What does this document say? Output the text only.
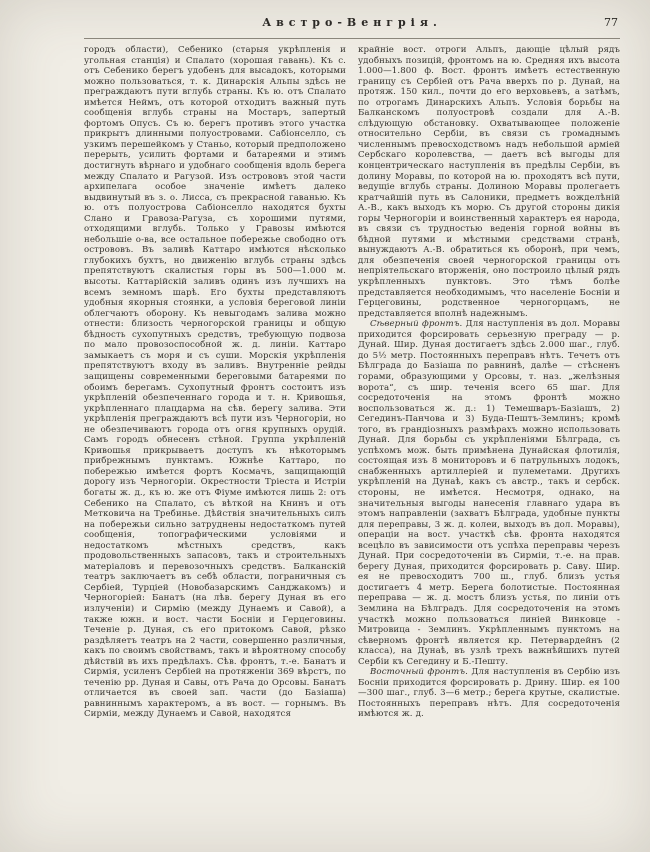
Австро-Венгрія.	77

городъ области), Себенико (старыя укрѣпленія и угольная станція) и Спалато (хорошая гавань). Къ с. отъ Себенико берегъ удобенъ для высадокъ, которыми можно пользоваться, т. к. Динарскія Альпы здѣсь не преграждаютъ пути вглубь страны. Къ ю. отъ Спалато имѣется Неймъ, отъ которой отходитъ важный путь сообщенія вглубь страны на Мостаръ, запертый фортомъ Опусъ. Съ ю. берегъ противъ этого участка прикрытъ длинными полуостровами. Сабіонселло, съ узкимъ перешейкомъ у Станьо, который предположено перерыть, усилить фортами и батареями и этимъ достигнуть вѣрнаго и удобнаго сообщенія вдоль берега между Спалато и Рагузой. Изъ острововъ этой части архипелага особое значеніе имѣетъ далеко выдвинутый въ з. о. Лисса, съ прекрасной гаванью. Къ ю. отъ полуострова Сабіонселло находятся бухты Слано и Гравоза-Рагуза, съ хорошими путями, отходящими вглубь. Только у Гравозы имѣются небольшіе о-ва, все остальное побережье свободно отъ острововъ. Въ заливѣ Каттаро имѣются нѣсколько глубокихъ бухтъ, но движенію вглубь страны здѣсь препятствуютъ скалистыя горы въ 500—1.000 м. высоты. Каттарійскій заливъ одинъ изъ лучшихъ на всемъ земномъ шарѣ. Его бухты представляютъ удобныя якорныя стоянки, а условія береговой линіи облегчаютъ оборону. Къ невыгодамъ залива можно отнести: близость черногорской границы и общую бѣдность сухопутныхъ средствъ, требующую подвоза по мало провозоспособной ж. д. линіи. Каттаро замыкаетъ съ моря и съ суши. Морскія укрѣпленія препятствуютъ входу въ заливъ. Внутренніе рейды защищены современными береговыми батареями по обоимъ берегамъ. Сухопутный фронтъ состоитъ изъ укрѣпленій обезпеченнаго города и т. н. Кривошья, укрѣпленнаго плацдарма на сѣв. берегу залива. Эти укрѣпленія преграждаютъ всѣ пути изъ Черногоріи, но не обезпечиваютъ города отъ огня крупныхъ орудій. Самъ городъ обнесенъ стѣной. Группа укрѣпленій Кривошья прикрываетъ доступъ къ нѣкоторымъ прибрежнымъ пунктамъ. Южнѣе Каттаро, по побережью имѣется фортъ Космачъ, защищающій дорогу изъ Черногоріи. Окрестности Тріеста и Истріи богаты ж. д., къ ю. же отъ Фіуме имѣются лишь 2: отъ Себенико на Спалато, съ вѣткой на Книнъ и отъ Метковича на Требинье. Дѣйствія значительныхъ силъ на побережьи сильно затруднены недостаткомъ путей сообщенія, топографическими условіями и недостаткомъ мѣстныхъ средствъ, какъ продовольственныхъ запасовъ, такъ и строительныхъ матеріаловъ и перевозочныхъ средствъ. Балканскій театръ заключаетъ въ себѣ области, пограничныя съ Сербіей, Турціей (Новобазарскимъ Санджакомъ) и Черногоріей: Банатъ (на лѣв. берегу Дуная въ его излученіи) и Сирмію (между Дунаемъ и Савой), а также южн. и вост. части Босніи и Герцеговины. Теченіе р. Дуная, съ его притокомъ Савой, рѣзко раздѣляетъ театръ на 2 части, совершенно различныя, какъ по своимъ свойствамъ, такъ и вѣроятному способу дѣйствій въ ихъ предѣлахъ. Сѣв. фронтъ, т.-е. Банатъ и Сирмія, усиленъ Сербіей на протяженіи 369 вѣрстъ, по теченію рр. Дуная и Савы, отъ Рача до Орсовы. Банатъ отличается въ своей зап. части (до Базіаша) равниннымъ характеромъ, а въ вост. — горнымъ. Въ Сирміи, между Дунаемъ и Савой, находятся

крайніе вост. отроги Альпъ, дающіе цѣлый рядъ удобныхъ позицій, фронтомъ на ю. Средняя ихъ высота 1.000—1.800 ф. Вост. фронтъ имѣетъ естественную границу съ Сербіей отъ Рача вверхъ по р. Дунай, на протяж. 150 кил., почти до его верховьевъ, а затѣмъ, по отрогамъ Динарскихъ Альпъ. Условія борьбы на Балканскомъ полуостровѣ создали для А.-В. слѣдующую обстановку. Охватывающее положеніе относительно Сербіи, въ связи съ громаднымъ численнымъ превосходствомъ надъ небольшой арміей Сербскаго королевства, — даетъ всѣ выгоды для концентрическаго наступленія въ предѣлы Сербіи, въ долину Моравы, по которой на ю. проходятъ всѣ пути, ведущіе вглубь страны. Долиною Моравы пролегаетъ кратчайшій путь въ Салоники, предметъ вожделѣній А.-В., какъ выходъ къ морю. Съ другой стороны дикія горы Черногоріи и воинственный характеръ ея народа, въ связи съ трудностью веденія горной войны въ бѣдной путями и мѣстными средствами странѣ, вынуждаютъ А.-В. обратиться къ оборонѣ, при чемъ, для обезпеченія своей черногорской границы отъ непріятельскаго вторженія, оно построило цѣлый рядъ укрѣпленныхъ пунктовъ. Это тѣмъ болѣе представляется необходимымъ, что населеніе Босніи и Герцеговины, родственное черногорцамъ, не представляется вполнѣ надежнымъ.

Сѣверный фронтъ. Для наступленія въ дол. Моравы приходится форсировать серьезную преграду — р. Дунай. Шир. Дуная достигаетъ здѣсь 2.000 шаг., глуб. до 5½ метр. Постоянныхъ переправъ нѣтъ. Течетъ отъ Бѣлграда до Базіаша по равнинѣ, далѣе — стѣсненъ горами, образующими у Орсовы, т. наз. „желѣзныя ворота“, съ шир. теченія всего 65 шаг. Для сосредоточенія на этомъ фронтѣ можно воспользоваться ж. д.: 1) Темешваръ-Базіашъ, 2) Сегединъ-Панчова и 3) Буда-Пештъ-Землинъ; кромѣ того, въ грандіозныхъ размѣрахъ можно использовать Дунай. Для борьбы съ укрѣпленіями Бѣлграда, съ успѣхомъ мож. быть примѣнена Дунайская флотилія, состоящая изъ 8 мониторовъ и 6 патрульныхъ лодокъ, снабженныхъ артиллеріей и пулеметами. Другихъ укрѣпленій на Дунаѣ, какъ съ австр., такъ и сербск. стороны, не имѣется. Несмотря, однако, на значительныя выгоды нанесенія главнаго удара въ этомъ направленіи (захватъ Бѣлграда, удобные пункты для переправы, 3 ж. д. колеи, выходъ въ дол. Моравы), операціи на вост. участкѣ сѣв. фронта находятся всецѣло въ зависимости отъ успѣха переправы черезъ Дунай. При сосредоточеніи въ Сирміи, т.-е. на прав. берегу Дуная, приходится форсировать р. Саву. Шир. ея не превосходитъ 700 ш., глуб. близъ устья достигаетъ 4 метр. Берега болотистые. Постоянная переправа — ж. д. мостъ близъ устья, по линіи отъ Землина на Бѣлградъ. Для сосредоточенія на этомъ участкѣ можно пользоваться линіей Винковце - Митровица - Землинъ. Укрѣпленнымъ пунктомъ на сѣверномъ фронтѣ является кр. Петервардейнъ (2 класса), на Дунаѣ, въ узлѣ трехъ важнѣйшихъ путей Сербіи къ Сегедину и Б.-Пешту.

Восточный фронтъ. Для наступленія въ Сербію изъ Босніи приходится форсировать р. Дрину. Шир. ея 100—300 шаг., глуб. 3—6 метр.; берега крутые, скалистые. Постоянныхъ переправъ нѣтъ. Для сосредоточенія имѣются ж. д.
